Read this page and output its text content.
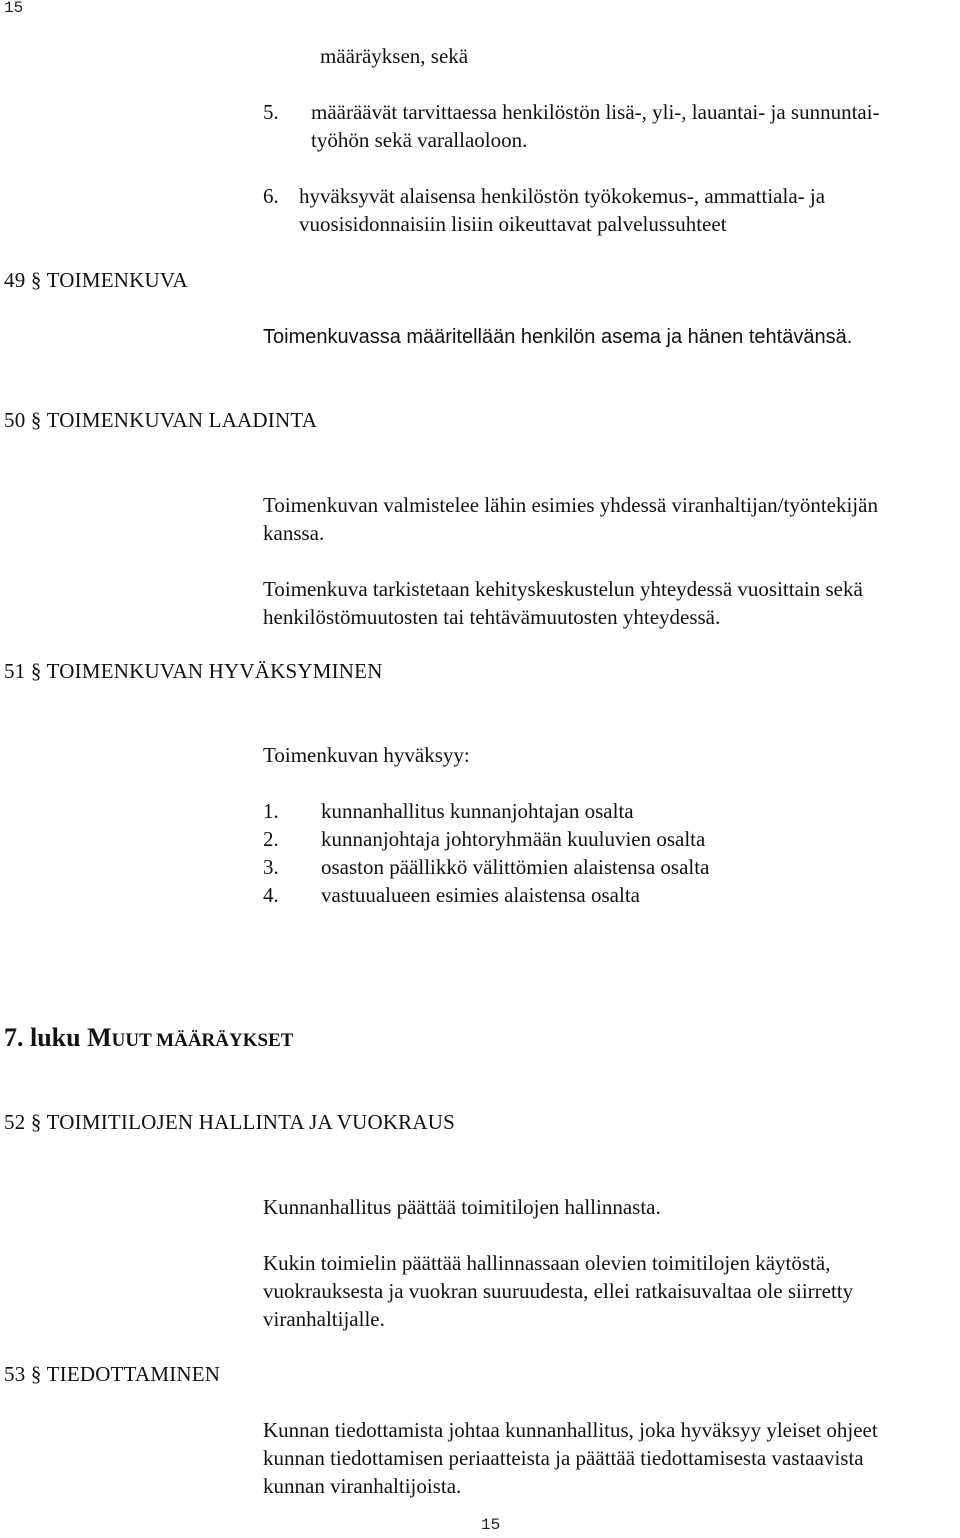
15
määräyksen, sekä
5. määräävät tarvittaessa henkilöstön lisä-, yli-, lauantai- ja sunnuntai-
työhön sekä varallaoloon.
6. hyväksyvät alaisensa henkilöstön työkokemus-, ammattiala- ja
vuosisidonnaisiin lisiin oikeuttavat palvelussuhteet
49 § TOIMENKUVA
Toimenkuvassa määritellään henkilön asema ja hänen tehtävänsä.
50 § TOIMENKUVAN LAADINTA
Toimenkuvan valmistelee lähin esimies yhdessä viranhaltijan/työntekijän
kanssa.
Toimenkuva tarkistetaan kehityskeskustelun yhteydessä vuosittain sekä
henkilöstömuutosten tai tehtävämuutosten yhteydessä.
51 § TOIMENKUVAN HYVÄKSYMINEN
Toimenkuvan hyväksyy:
1. kunnanhallitus kunnanjohtajan osalta
2. kunnanjohtaja johtoryhmään kuuluvien osalta
3. osaston päällikkö välittömien alaistensa osalta
4. vastuualueen esimies alaistensa osalta
7. luku MUUT MÄÄRÄYKSET
52 § TOIMITILOJEN HALLINTA JA VUOKRAUS
Kunnanhallitus päättää toimitilojen hallinnasta.
Kukin toimielin päättää hallinnassaan olevien toimitilojen käytöstä,
vuokrauksesta ja vuokran suuruudesta, ellei ratkaisuvaltaa ole siirretty
viranhaltijalle.
53 § TIEDOTTAMINEN
Kunnan tiedottamista johtaa kunnanhallitus, joka hyväksyy yleiset ohjeet
kunnan tiedottamisen periaatteista ja päättää tiedottamisesta vastaavista
kunnan viranhaltijoista.
15
